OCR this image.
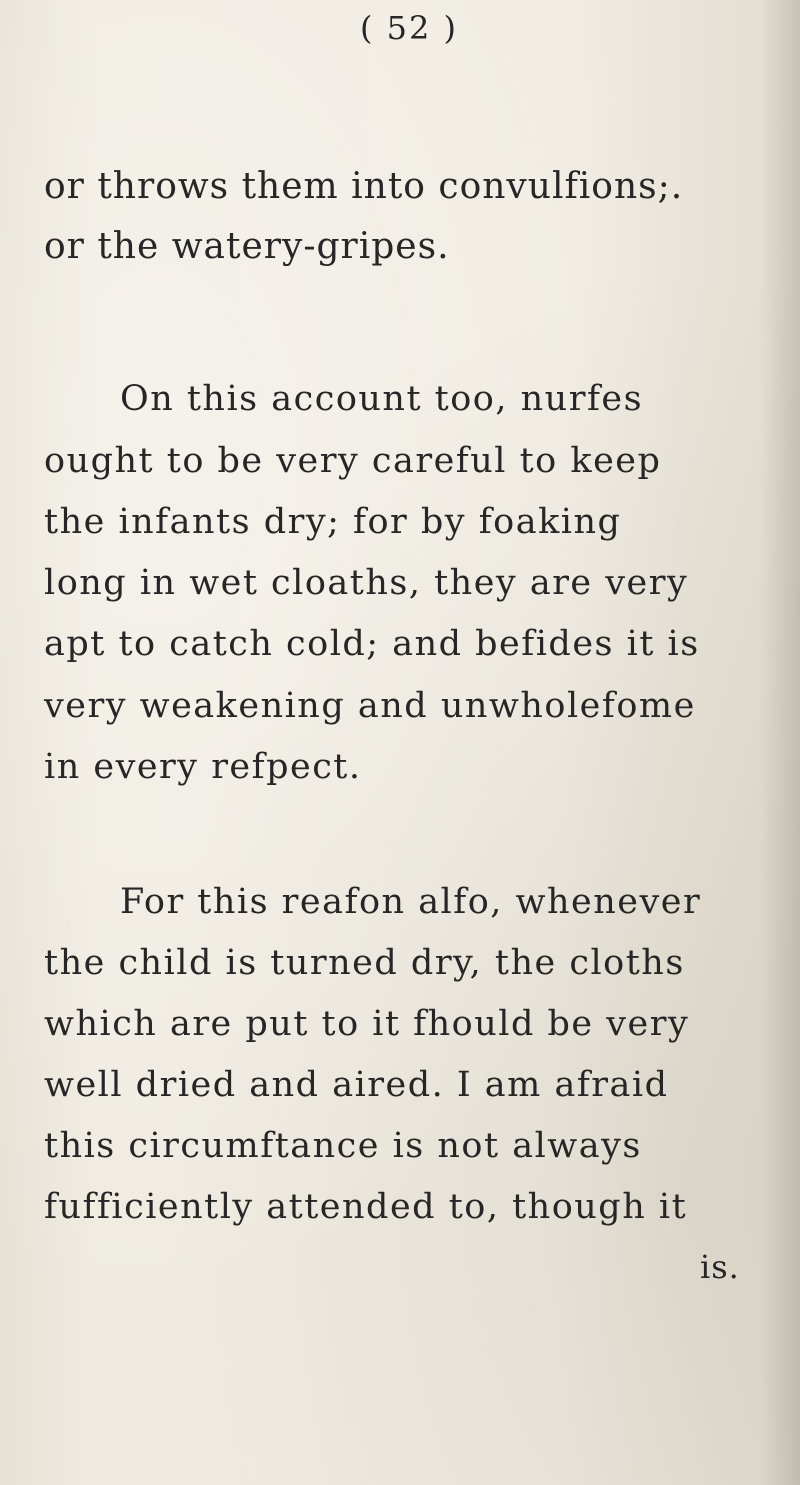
( 52 )
or throws them into convulfions;.
or the watery-gripes.
On this account too, nurfes
ought to be very careful to keep
the infants dry; for by foaking
long in wet cloaths, they are very
apt to catch cold; and befides it is
very weakening and unwholefome
in every refpect.
For this reafon alfo, whenever
the child is turned dry, the cloths
which are put to it fhould be very
well dried and aired. I am afraid
this circumftance is not always
fufficiently attended to, though it
is.
